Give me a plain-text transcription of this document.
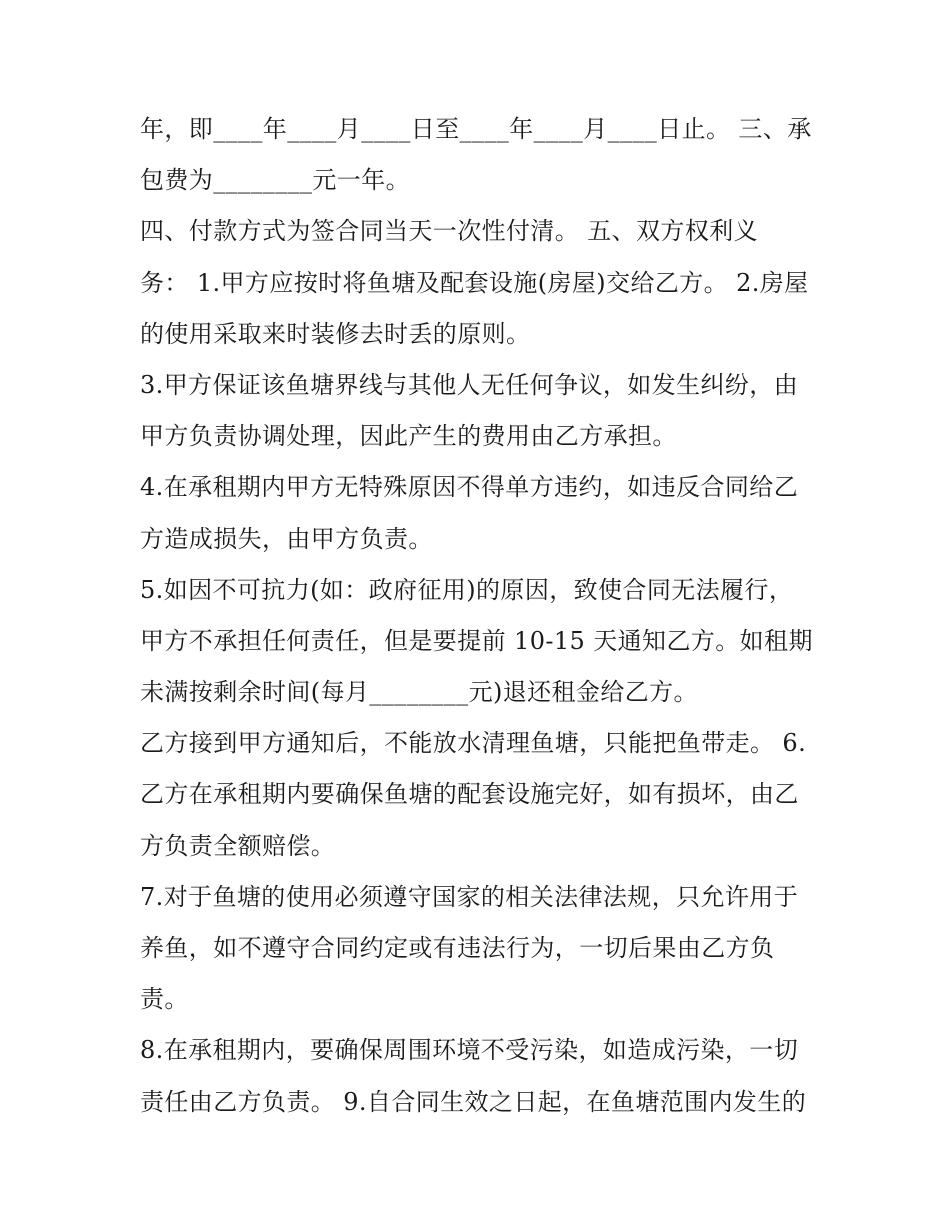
年，即____年____月____日至____年____月____日止。 三、承
包费为________元一年。
四、付款方式为签合同当天一次性付清。 五、双方权利义
务： 1.甲方应按时将鱼塘及配套设施(房屋)交给乙方。 2.房屋
的使用采取来时装修去时丢的原则。
3.甲方保证该鱼塘界线与其他人无任何争议，如发生纠纷，由
甲方负责协调处理，因此产生的费用由乙方承担。
4.在承租期内甲方无特殊原因不得单方违约，如违反合同给乙
方造成损失，由甲方负责。
5.如因不可抗力(如：政府征用)的原因，致使合同无法履行，
甲方不承担任何责任，但是要提前 10-15 天通知乙方。如租期
未满按剩余时间(每月________元)退还租金给乙方。
乙方接到甲方通知后，不能放水清理鱼塘，只能把鱼带走。 6.
乙方在承租期内要确保鱼塘的配套设施完好，如有损坏，由乙
方负责全额赔偿。
7.对于鱼塘的使用必须遵守国家的相关法律法规，只允许用于
养鱼，如不遵守合同约定或有违法行为，一切后果由乙方负
责。
8.在承租期内，要确保周围环境不受污染，如造成污染，一切
责任由乙方负责。 9.自合同生效之日起，在鱼塘范围内发生的
